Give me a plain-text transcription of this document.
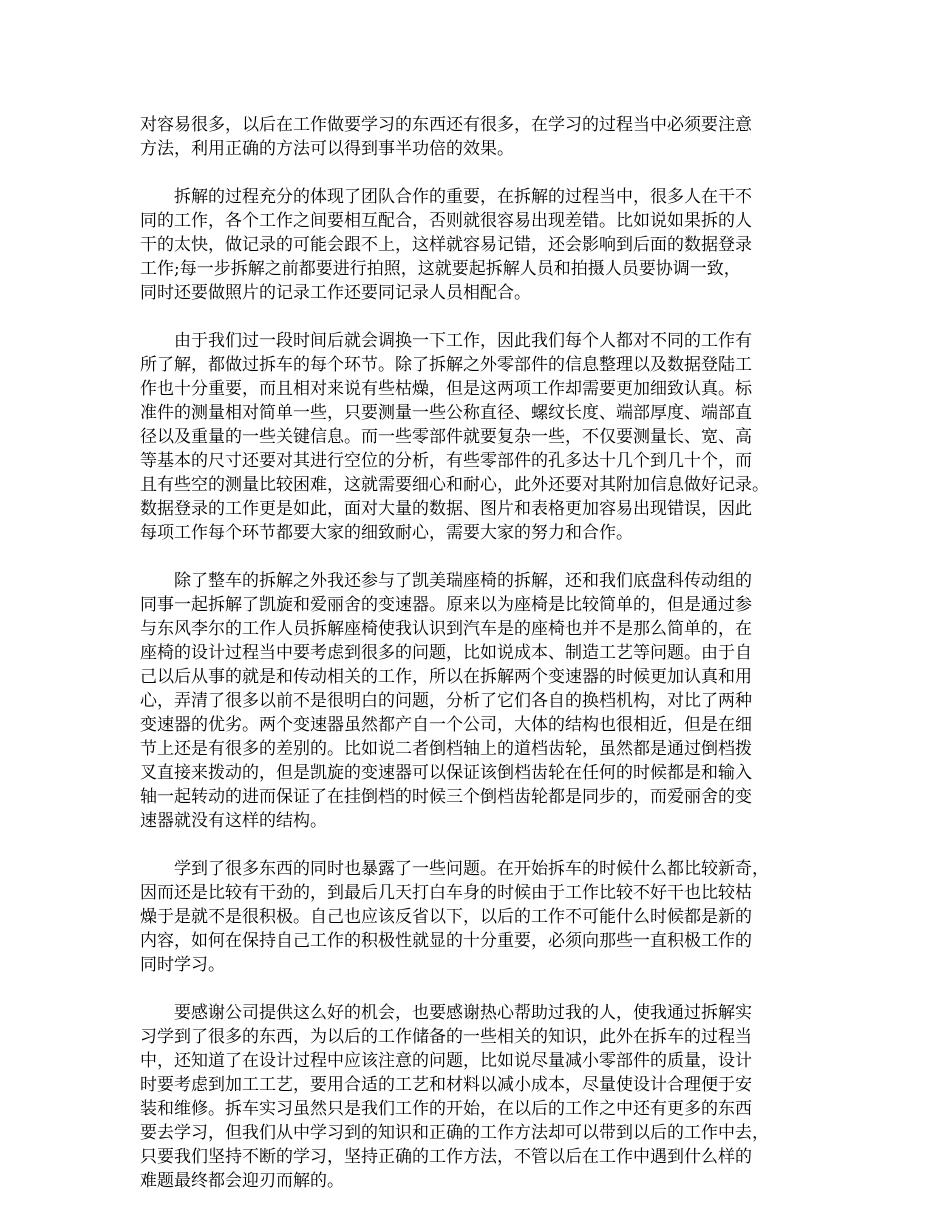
对容易很多，以后在工作做要学习的东西还有很多，在学习的过程当中必须要注意
方法，利用正确的方法可以得到事半功倍的效果。

　　拆解的过程充分的体现了团队合作的重要，在拆解的过程当中，很多人在干不
同的工作，各个工作之间要相互配合，否则就很容易出现差错。比如说如果拆的人
干的太快，做记录的可能会跟不上，这样就容易记错，还会影响到后面的数据登录
工作;每一步拆解之前都要进行拍照，这就要起拆解人员和拍摄人员要协调一致，
同时还要做照片的记录工作还要同记录人员相配合。

　　由于我们过一段时间后就会调换一下工作，因此我们每个人都对不同的工作有
所了解，都做过拆车的每个环节。除了拆解之外零部件的信息整理以及数据登陆工
作也十分重要，而且相对来说有些枯燥，但是这两项工作却需要更加细致认真。标
准件的测量相对简单一些，只要测量一些公称直径、螺纹长度、端部厚度、端部直
径以及重量的一些关键信息。而一些零部件就要复杂一些，不仅要测量长、宽、高
等基本的尺寸还要对其进行空位的分析，有些零部件的孔多达十几个到几十个，而
且有些空的测量比较困难，这就需要细心和耐心，此外还要对其附加信息做好记录。
数据登录的工作更是如此，面对大量的数据、图片和表格更加容易出现错误，因此
每项工作每个环节都要大家的细致耐心，需要大家的努力和合作。

　　除了整车的拆解之外我还参与了凯美瑞座椅的拆解，还和我们底盘科传动组的
同事一起拆解了凯旋和爱丽舍的变速器。原来以为座椅是比较简单的，但是通过参
与东风李尔的工作人员拆解座椅使我认识到汽车是的座椅也并不是那么简单的，在
座椅的设计过程当中要考虑到很多的问题，比如说成本、制造工艺等问题。由于自
己以后从事的就是和传动相关的工作，所以在拆解两个变速器的时候更加认真和用
心，弄清了很多以前不是很明白的问题，分析了它们各自的换档机构，对比了两种
变速器的优劣。两个变速器虽然都产自一个公司，大体的结构也很相近，但是在细
节上还是有很多的差别的。比如说二者倒档轴上的道档齿轮，虽然都是通过倒档拨
叉直接来拨动的，但是凯旋的变速器可以保证该倒档齿轮在任何的时候都是和输入
轴一起转动的进而保证了在挂倒档的时候三个倒档齿轮都是同步的，而爱丽舍的变
速器就没有这样的结构。

　　学到了很多东西的同时也暴露了一些问题。在开始拆车的时候什么都比较新奇，
因而还是比较有干劲的，到最后几天打白车身的时候由于工作比较不好干也比较枯
燥于是就不是很积极。自己也应该反省以下，以后的工作不可能什么时候都是新的
内容，如何在保持自己工作的积极性就显的十分重要，必须向那些一直积极工作的
同时学习。

　　要感谢公司提供这么好的机会，也要感谢热心帮助过我的人，使我通过拆解实
习学到了很多的东西，为以后的工作储备的一些相关的知识，此外在拆车的过程当
中，还知道了在设计过程中应该注意的问题，比如说尽量减小零部件的质量，设计
时要考虑到加工工艺，要用合适的工艺和材料以减小成本，尽量使设计合理便于安
装和维修。拆车实习虽然只是我们工作的开始，在以后的工作之中还有更多的东西
要去学习，但我们从中学习到的知识和正确的工作方法却可以带到以后的工作中去，
只要我们坚持不断的学习，坚持正确的工作方法，不管以后在工作中遇到什么样的
难题最终都会迎刃而解的。
